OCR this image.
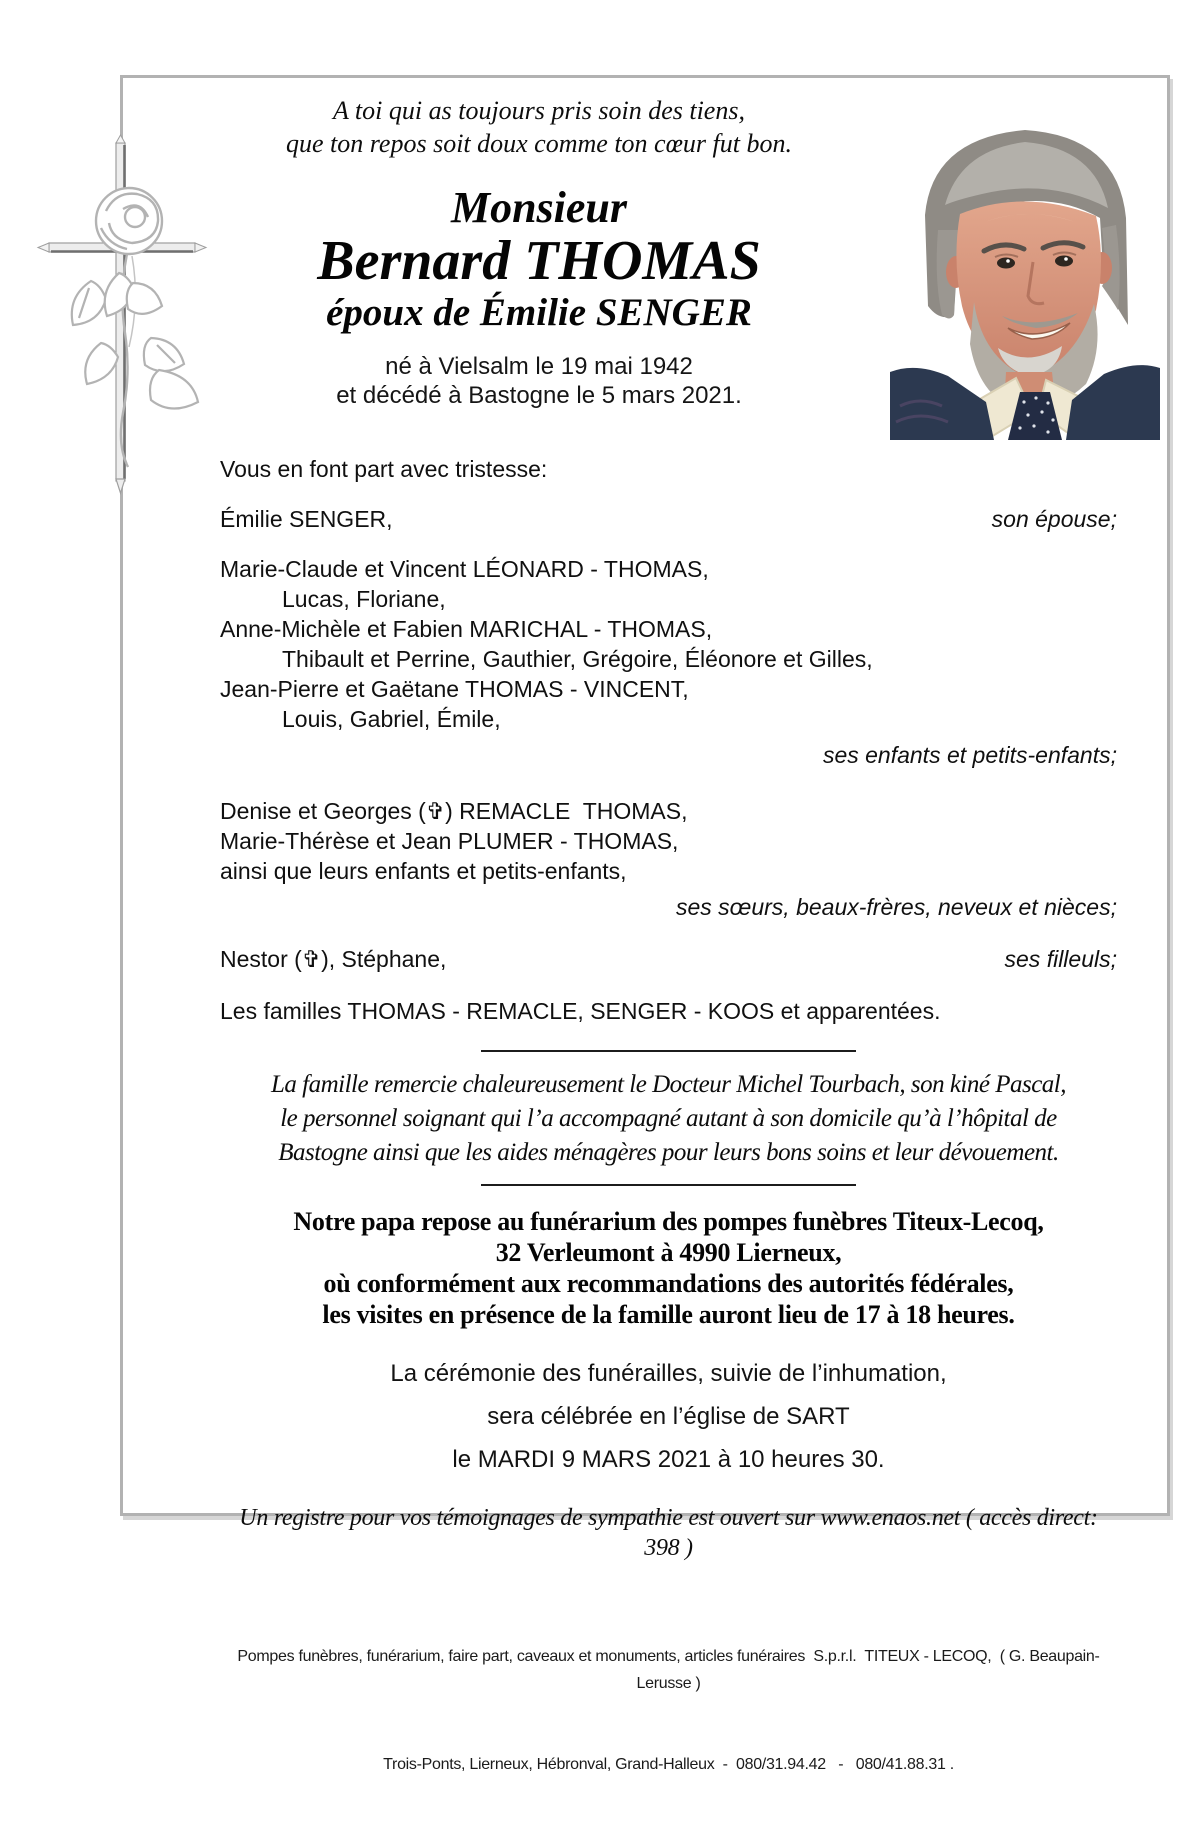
A toi qui as toujours pris soin des tiens,
que ton repos soit doux comme ton cœur fut bon.
Monsieur
Bernard THOMAS
époux de Émilie SENGER
né à Vielsalm le 19 mai 1942
et décédé à Bastogne le 5 mars 2021.
Vous en font part avec tristesse:
Émilie SENGER,	son épouse;
Marie-Claude et Vincent LÉONARD - THOMAS,
Lucas, Floriane,
Anne-Michèle et Fabien MARICHAL - THOMAS,
Thibault et Perrine, Gauthier, Grégoire, Éléonore et Gilles,
Jean-Pierre et Gaëtane THOMAS - VINCENT,
Louis, Gabriel, Émile,
ses enfants et petits-enfants;
Denise et Georges (✞) REMACLE  THOMAS,
Marie-Thérèse et Jean PLUMER - THOMAS,
ainsi que leurs enfants et petits-enfants,
ses sœurs, beaux-frères, neveux et nièces;
Nestor (✞), Stéphane,	ses filleuls;
Les familles THOMAS - REMACLE, SENGER - KOOS et apparentées.
La famille remercie chaleureusement le Docteur Michel Tourbach, son kiné Pascal,
le personnel soignant qui l’a accompagné autant à son domicile qu’à l’hôpital de
Bastogne ainsi que les aides ménagères pour leurs bons soins et leur dévouement.
Notre papa repose au funérarium des pompes funèbres Titeux-Lecoq,
32 Verleumont à 4990 Lierneux,
où conformément aux recommandations des autorités fédérales,
les visites en présence de la famille auront lieu de 17 à 18 heures.
La cérémonie des funérailles, suivie de l’inhumation,
sera célébrée en l’église de SART
le MARDI 9 MARS 2021 à 10 heures 30.
Un registre pour vos témoignages de sympathie est ouvert sur www.enaos.net ( accès direct: 398 )

Pompes funèbres, funérarium, faire part, caveaux et monuments, articles funéraires  S.p.r.l.  TITEUX - LECOQ,  ( G. Beaupain-Lerusse )

Trois-Ponts, Lierneux, Hébronval, Grand-Halleux  -  080/31.94.42   -   080/41.88.31 .
